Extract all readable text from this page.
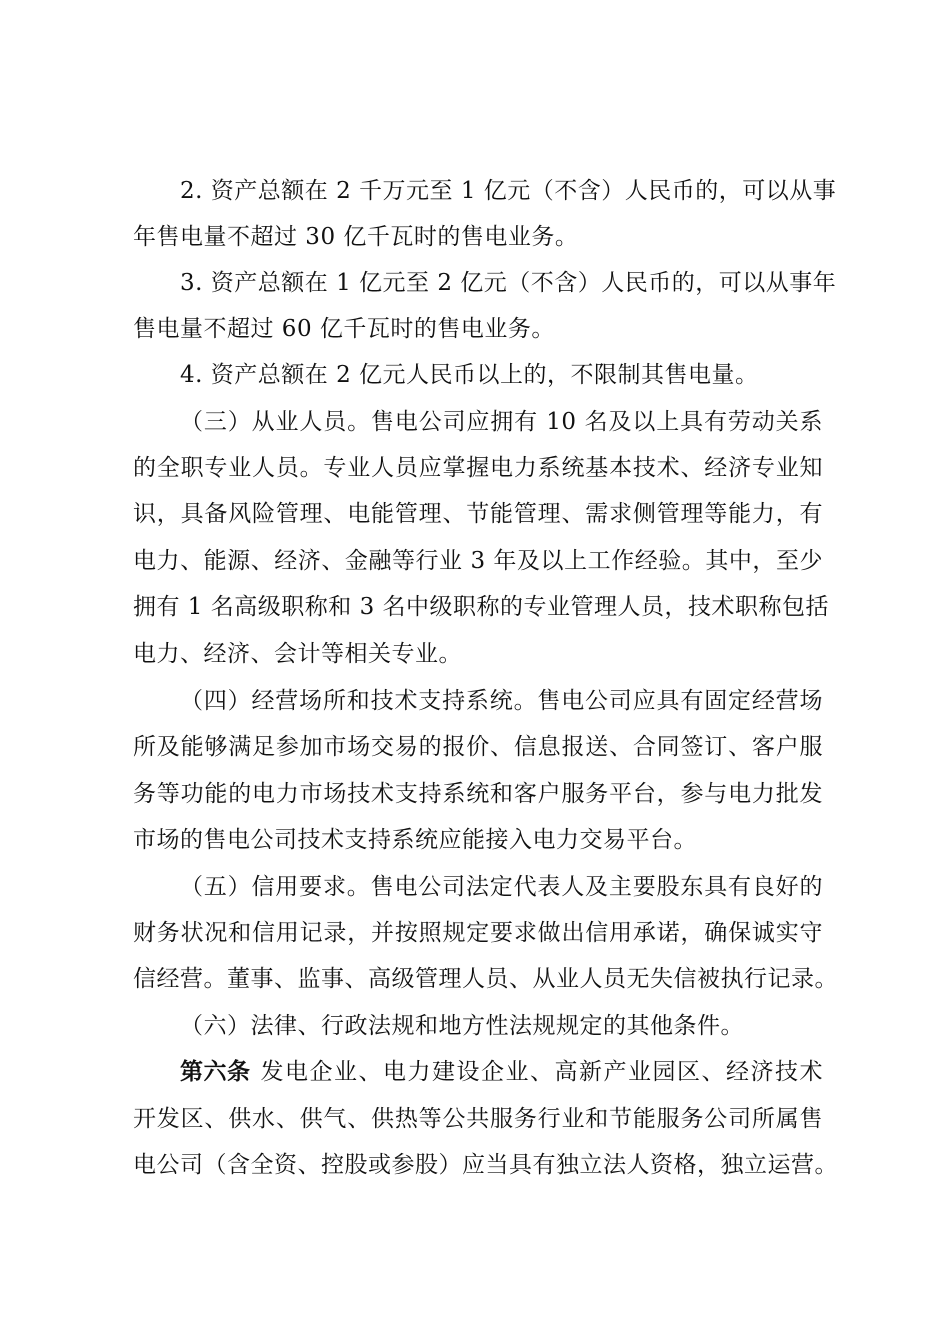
2. 资产总额在 2 千万元至 1 亿元（不含）人民币的，可以从事
年售电量不超过 30 亿千瓦时的售电业务。
3. 资产总额在 1 亿元至 2 亿元（不含）人民币的，可以从事年
售电量不超过 60 亿千瓦时的售电业务。
4. 资产总额在 2 亿元人民币以上的，不限制其售电量。
（三）从业人员。售电公司应拥有 10 名及以上具有劳动关系
的全职专业人员。专业人员应掌握电力系统基本技术、经济专业知
识，具备风险管理、电能管理、节能管理、需求侧管理等能力，有
电力、能源、经济、金融等行业 3 年及以上工作经验。其中，至少
拥有 1 名高级职称和 3 名中级职称的专业管理人员，技术职称包括
电力、经济、会计等相关专业。
（四）经营场所和技术支持系统。售电公司应具有固定经营场
所及能够满足参加市场交易的报价、信息报送、合同签订、客户服
务等功能的电力市场技术支持系统和客户服务平台，参与电力批发
市场的售电公司技术支持系统应能接入电力交易平台。
（五）信用要求。售电公司法定代表人及主要股东具有良好的
财务状况和信用记录，并按照规定要求做出信用承诺，确保诚实守
信经营。董事、监事、高级管理人员、从业人员无失信被执行记录。
（六）法律、行政法规和地方性法规规定的其他条件。
第六条 发电企业、电力建设企业、高新产业园区、经济技术
开发区、供水、供气、供热等公共服务行业和节能服务公司所属售
电公司（含全资、控股或参股）应当具有独立法人资格，独立运营。
